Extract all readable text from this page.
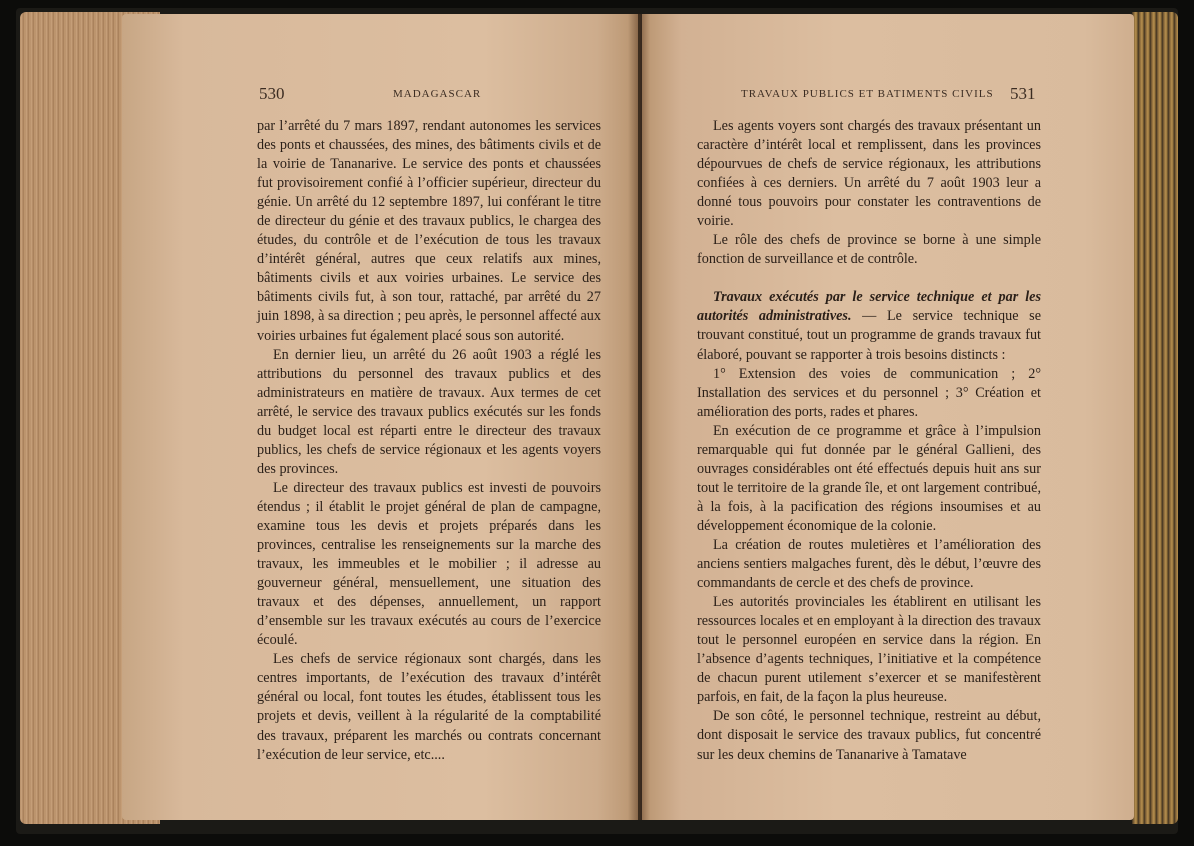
530	MADAGASCAR

par l’arrêté du 7 mars 1897, rendant autonomes les services des ponts et chaussées, des mines, des bâtiments civils et de la voirie de Tananarive. Le service des ponts et chaussées fut provisoirement confié à l’officier supérieur, directeur du génie. Un arrêté du 12 septembre 1897, lui conférant le titre de directeur du génie et des travaux publics, le chargea des études, du contrôle et de l’exécution de tous les travaux d’intérêt général, autres que ceux relatifs aux mines, bâtiments civils et aux voiries urbaines. Le service des bâtiments civils fut, à son tour, rattaché, par arrêté du 27 juin 1898, à sa direction ; peu après, le personnel affecté aux voiries urbaines fut également placé sous son autorité.

En dernier lieu, un arrêté du 26 août 1903 a réglé les attributions du personnel des travaux publics et des administrateurs en matière de travaux. Aux termes de cet arrêté, le service des travaux publics exécutés sur les fonds du budget local est réparti entre le directeur des travaux publics, les chefs de service régionaux et les agents voyers des provinces.

Le directeur des travaux publics est investi de pouvoirs étendus ; il établit le projet général de plan de campagne, examine tous les devis et projets préparés dans les provinces, centralise les renseignements sur la marche des travaux, les immeubles et le mobilier ; il adresse au gouverneur général, mensuellement, une situation des travaux et des dépenses, annuellement, un rapport d’ensemble sur les travaux exécutés au cours de l’exercice écoulé.

Les chefs de service régionaux sont chargés, dans les centres importants, de l’exécution des travaux d’intérêt général ou local, font toutes les études, établissent tous les projets et devis, veillent à la régularité de la comptabilité des travaux, préparent les marchés ou contrats concernant l’exécution de leur service, etc....

TRAVAUX PUBLICS ET BATIMENTS CIVILS 531

Les agents voyers sont chargés des travaux présentant un caractère d’intérêt local et remplissent, dans les provinces dépourvues de chefs de service régionaux, les attributions confiées à ces derniers. Un arrêté du 7 août 1903 leur a donné tous pouvoirs pour constater les contraventions de voirie.

Le rôle des chefs de province se borne à une simple fonction de surveillance et de contrôle.

Travaux exécutés par le service technique et par les autorités administratives. — Le service technique se trouvant constitué, tout un programme de grands travaux fut élaboré, pouvant se rapporter à trois besoins distincts :

1° Extension des voies de communication ; 2° Installation des services et du personnel ; 3° Création et amélioration des ports, rades et phares.

En exécution de ce programme et grâce à l’impulsion remarquable qui fut donnée par le général Gallieni, des ouvrages considérables ont été effectués depuis huit ans sur tout le territoire de la grande île, et ont largement contribué, à la fois, à la pacification des régions insoumises et au développement économique de la colonie.

La création de routes muletières et l’amélioration des anciens sentiers malgaches furent, dès le début, l’œuvre des commandants de cercle et des chefs de province.

Les autorités provinciales les établirent en utilisant les ressources locales et en employant à la direction des travaux tout le personnel européen en service dans la région. En l’absence d’agents techniques, l’initiative et la compétence de chacun purent utilement s’exercer et se manifestèrent parfois, en fait, de la façon la plus heureuse.

De son côté, le personnel technique, restreint au début, dont disposait le service des travaux publics, fut concentré sur les deux chemins de Tananarive à Tamatave
